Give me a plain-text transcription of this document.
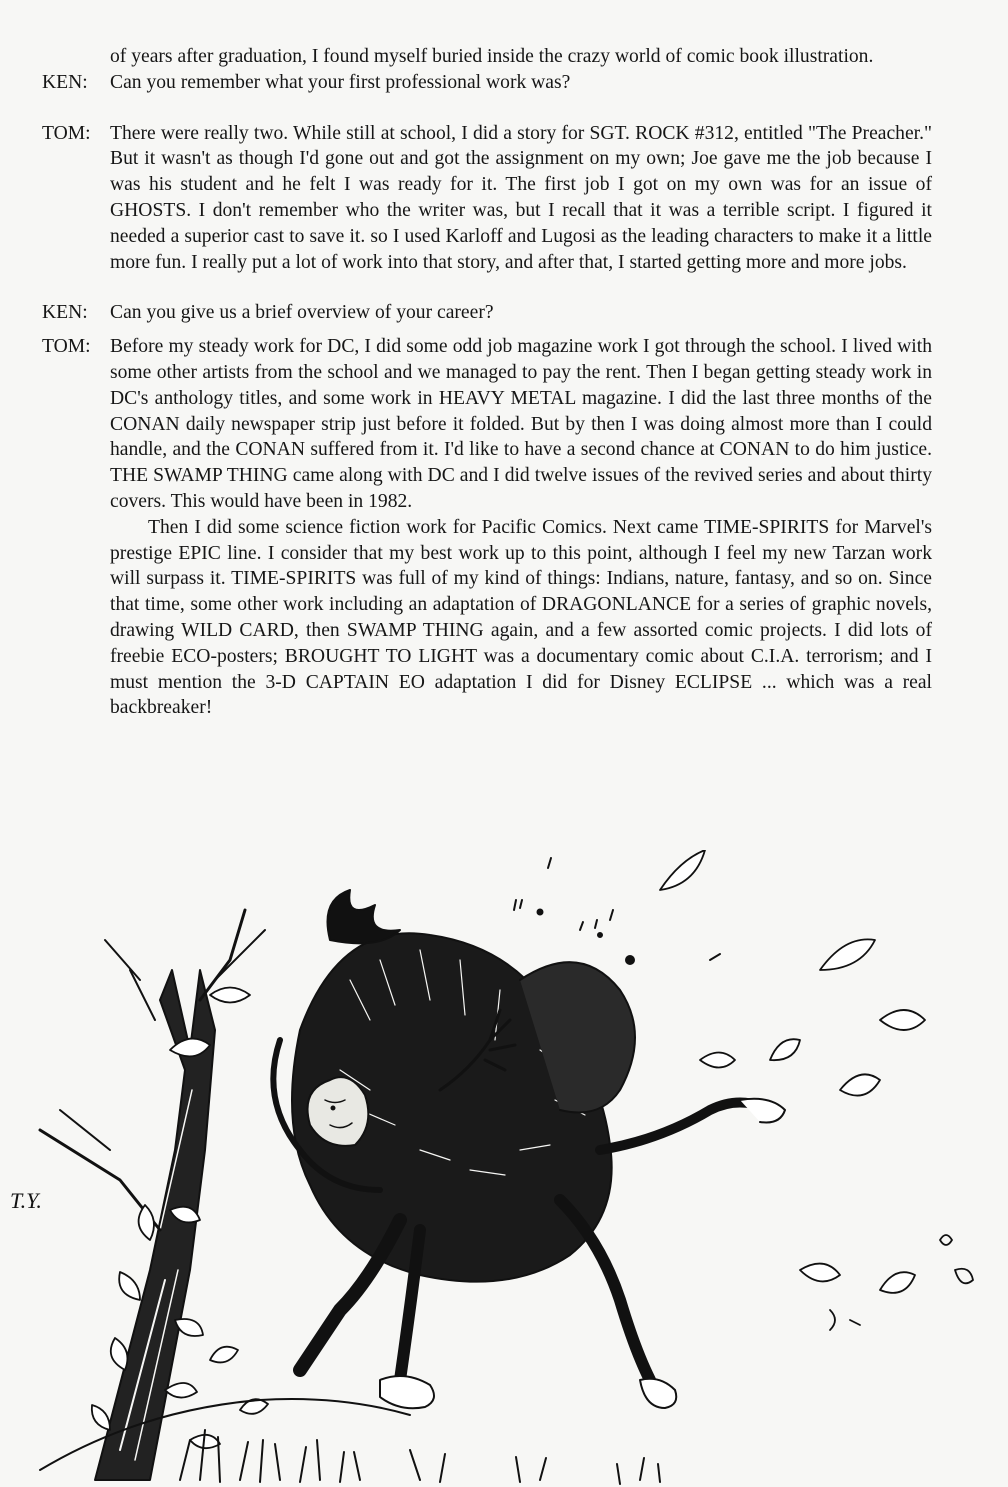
of years after graduation, I found myself buried inside the crazy world of comic book illustration.

KEN: Can you remember what your first professional work was?

TOM: There were really two. While still at school, I did a story for SGT. ROCK #312, entitled "The Preacher." But it wasn't as though I'd gone out and got the assignment on my own; Joe gave me the job because I was his student and he felt I was ready for it. The first job I got on my own was for an issue of GHOSTS. I don't remember who the writer was, but I recall that it was a terrible script. I figured it needed a superior cast to save it. so I used Karloff and Lugosi as the leading characters to make it a little more fun. I really put a lot of work into that story, and after that, I started getting more and more jobs.

KEN: Can you give us a brief overview of your career?

TOM: Before my steady work for DC, I did some odd job magazine work I got through the school. I lived with some other artists from the school and we managed to pay the rent. Then I began getting steady work in DC's anthology titles, and some work in HEAVY METAL magazine. I did the last three months of the CONAN daily newspaper strip just before it folded. But by then I was doing almost more than I could handle, and the CONAN suffered from it. I'd like to have a second chance at CONAN to do him justice. THE SWAMP THING came along with DC and I did twelve issues of the revived series and about thirty covers. This would have been in 1982.

Then I did some science fiction work for Pacific Comics. Next came TIME-SPIRITS for Marvel's prestige EPIC line. I consider that my best work up to this point, although I feel my new Tarzan work will surpass it. TIME-SPIRITS was full of my kind of things: Indians, nature, fantasy, and so on. Since that time, some other work including an adaptation of DRAGONLANCE for a series of graphic novels, drawing WILD CARD, then SWAMP THING again, and a few assorted comic projects. I did lots of freebie ECO-posters; BROUGHT TO LIGHT was a documentary comic about C.I.A. terrorism; and I must mention the 3-D CAPTAIN EO adaptation I did for Disney ECLIPSE ... which was a real backbreaker!

T.Y.
